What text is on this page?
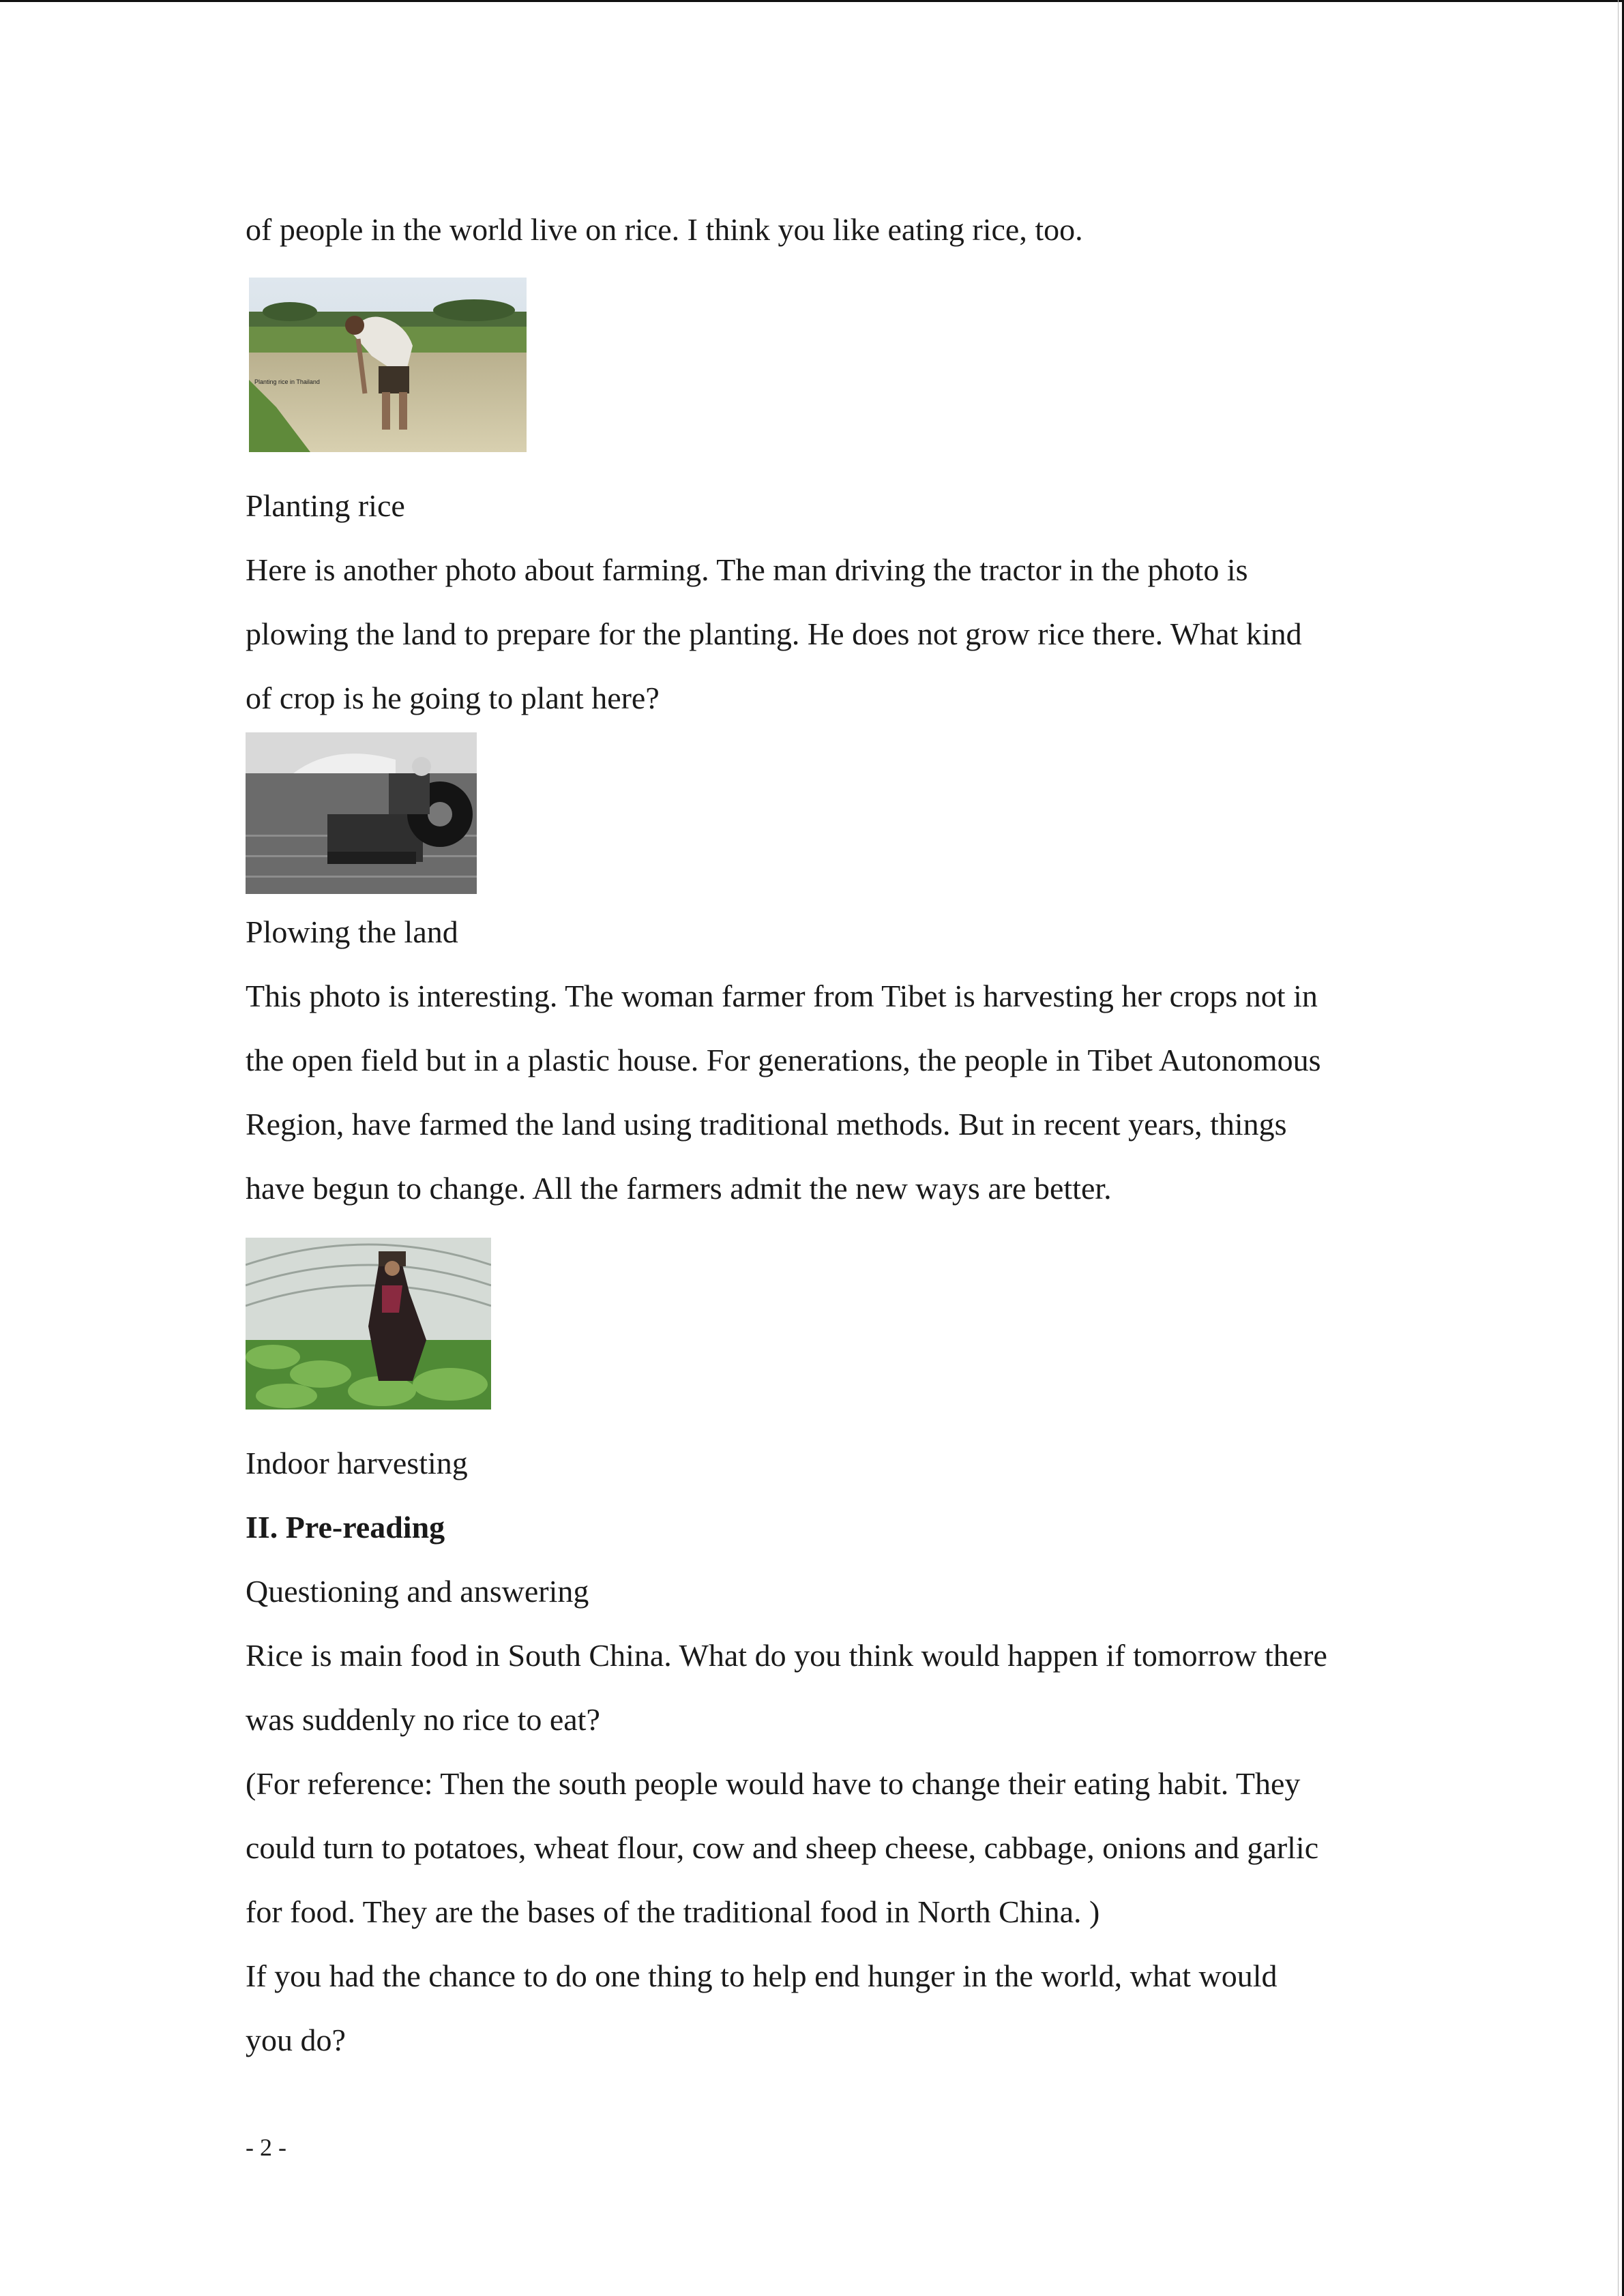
of people in the world live on rice. I think you like eating rice, too.
Planting rice in Thailand
Planting rice
Here is another photo about farming. The man driving the tractor in the photo is
plowing the land to prepare for the planting. He does not grow rice there. What kind
of crop is he going to plant here?
Plowing the land
This photo is interesting. The woman farmer from Tibet is harvesting her crops not in
the open field but in a plastic house. For generations, the people in Tibet Autonomous
Region, have farmed the land using traditional methods. But in recent years, things
have begun to change. All the farmers admit the new ways are better.
Indoor harvesting
II. Pre-reading
Questioning and answering
Rice is main food in South China. What do you think would happen if tomorrow there
was suddenly no rice to eat?
(For reference: Then the south people would have to change their eating habit. They
could turn to potatoes, wheat flour, cow and sheep cheese, cabbage, onions and garlic
for food. They are the bases of the traditional food in North China. )
If you had the chance to do one thing to help end hunger in the world, what would
you do?
- 2 -
